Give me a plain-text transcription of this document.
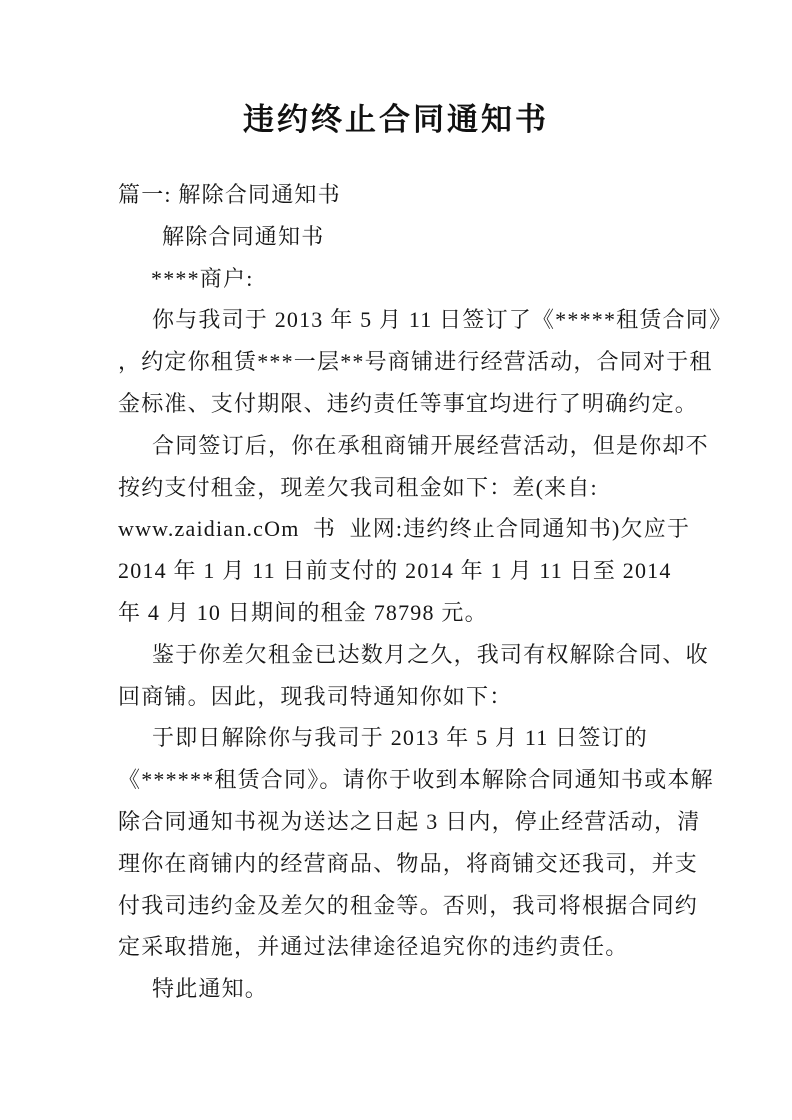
违约终止合同通知书
篇一: 解除合同通知书
解除合同通知书
****商户:
你与我司于 2013 年 5 月 11 日签订了《*****租赁合同》
，约定你租赁***一层**号商铺进行经营活动，合同对于租
金标准、支付期限、违约责任等事宜均进行了明确约定。
合同签订后，你在承租商铺开展经营活动，但是你却不
按约支付租金，现差欠我司租金如下：差(来自:
www.zaidian.cOm  书  业网:违约终止合同通知书)欠应于
2014 年 1 月 11 日前支付的 2014 年 1 月 11 日至 2014
年 4 月 10 日期间的租金 78798 元。
鉴于你差欠租金已达数月之久，我司有权解除合同、收
回商铺。因此，现我司特通知你如下：
于即日解除你与我司于 2013 年 5 月 11 日签订的
《******租赁合同》。请你于收到本解除合同通知书或本解
除合同通知书视为送达之日起 3 日内，停止经营活动，清
理你在商铺内的经营商品、物品，将商铺交还我司，并支
付我司违约金及差欠的租金等。否则，我司将根据合同约
定采取措施，并通过法律途径追究你的违约责任。
特此通知。
